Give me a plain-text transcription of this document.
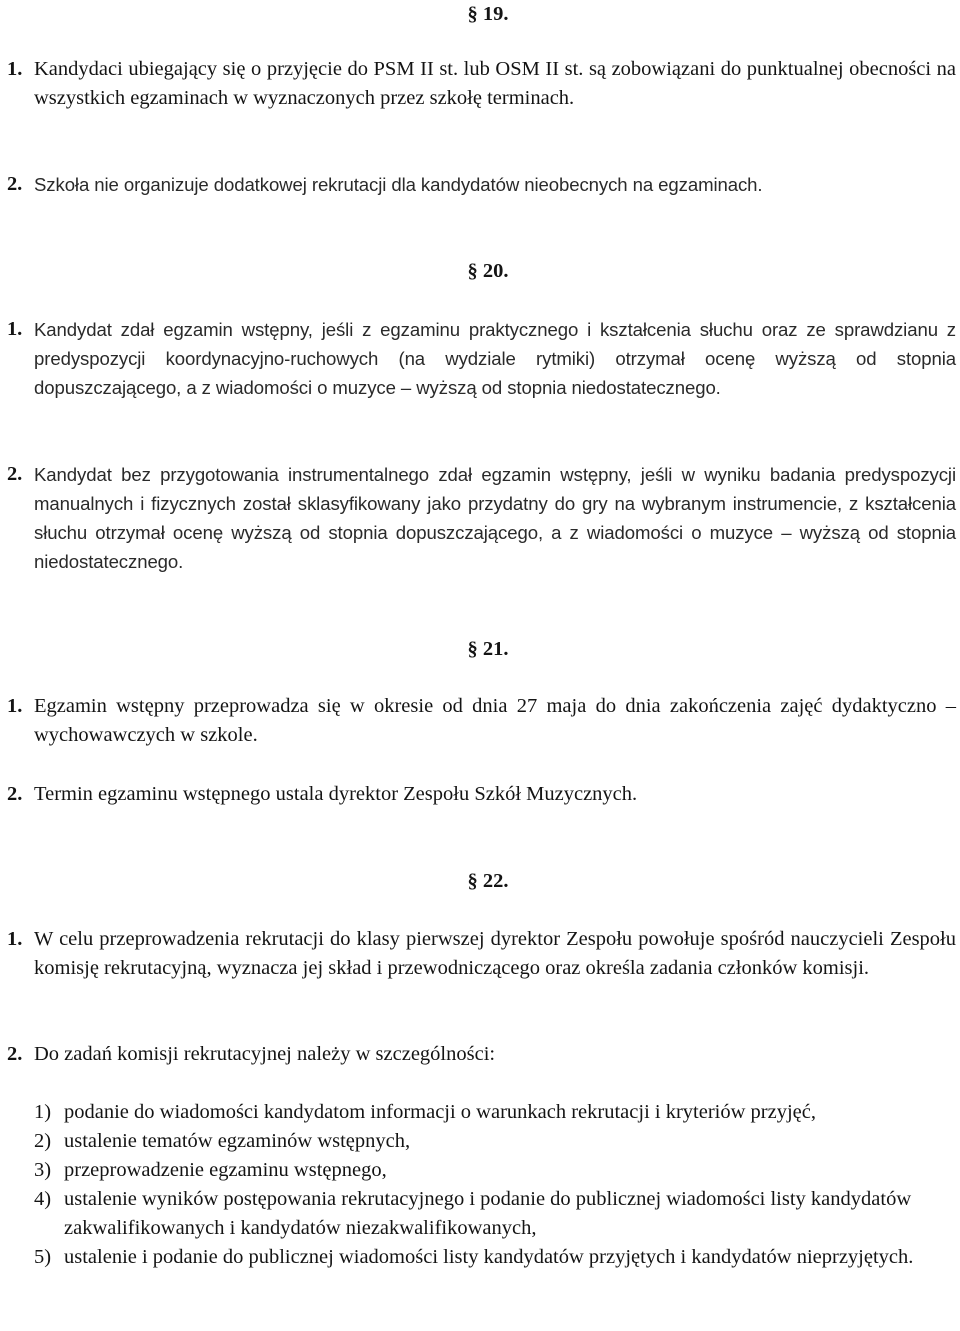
§ 19.
1. Kandydaci ubiegający się o przyjęcie do PSM II st. lub OSM II st. są zobowiązani do punktualnej obecności na wszystkich egzaminach w wyznaczonych przez szkołę terminach.
2. Szkoła nie organizuje dodatkowej rekrutacji dla kandydatów nieobecnych na egzaminach.
§ 20.
1. Kandydat zdał egzamin wstępny, jeśli z egzaminu praktycznego i kształcenia słuchu oraz ze sprawdzianu z predyspozycji koordynacyjno-ruchowych (na wydziale rytmiki) otrzymał ocenę wyższą od stopnia dopuszczającego, a z wiadomości o muzyce – wyższą od stopnia niedostatecznego.
2. Kandydat bez przygotowania instrumentalnego zdał egzamin wstępny, jeśli w wyniku badania predyspozycji manualnych i fizycznych został sklasyfikowany jako przydatny do gry na wybranym instrumencie, z kształcenia słuchu otrzymał ocenę wyższą od stopnia dopuszczającego, a z wiadomości o muzyce – wyższą od stopnia niedostatecznego.
§ 21.
1. Egzamin wstępny przeprowadza się w okresie od dnia 27 maja do dnia zakończenia zajęć dydaktyczno – wychowawczych w szkole.
2. Termin egzaminu wstępnego ustala dyrektor Zespołu Szkół Muzycznych.
§ 22.
1. W celu przeprowadzenia rekrutacji do klasy pierwszej dyrektor Zespołu powołuje spośród nauczycieli Zespołu komisję rekrutacyjną, wyznacza jej skład i przewodniczącego oraz określa zadania członków komisji.
2. Do zadań komisji rekrutacyjnej należy w szczególności:
1) podanie do wiadomości kandydatom informacji o warunkach rekrutacji i kryteriów przyjęć,
2) ustalenie tematów egzaminów wstępnych,
3) przeprowadzenie egzaminu wstępnego,
4) ustalenie wyników postępowania rekrutacyjnego i podanie do publicznej wiadomości listy kandydatów zakwalifikowanych i kandydatów niezakwalifikowanych,
5) ustalenie i podanie do publicznej wiadomości listy kandydatów przyjętych i kandydatów nieprzyjętych.
